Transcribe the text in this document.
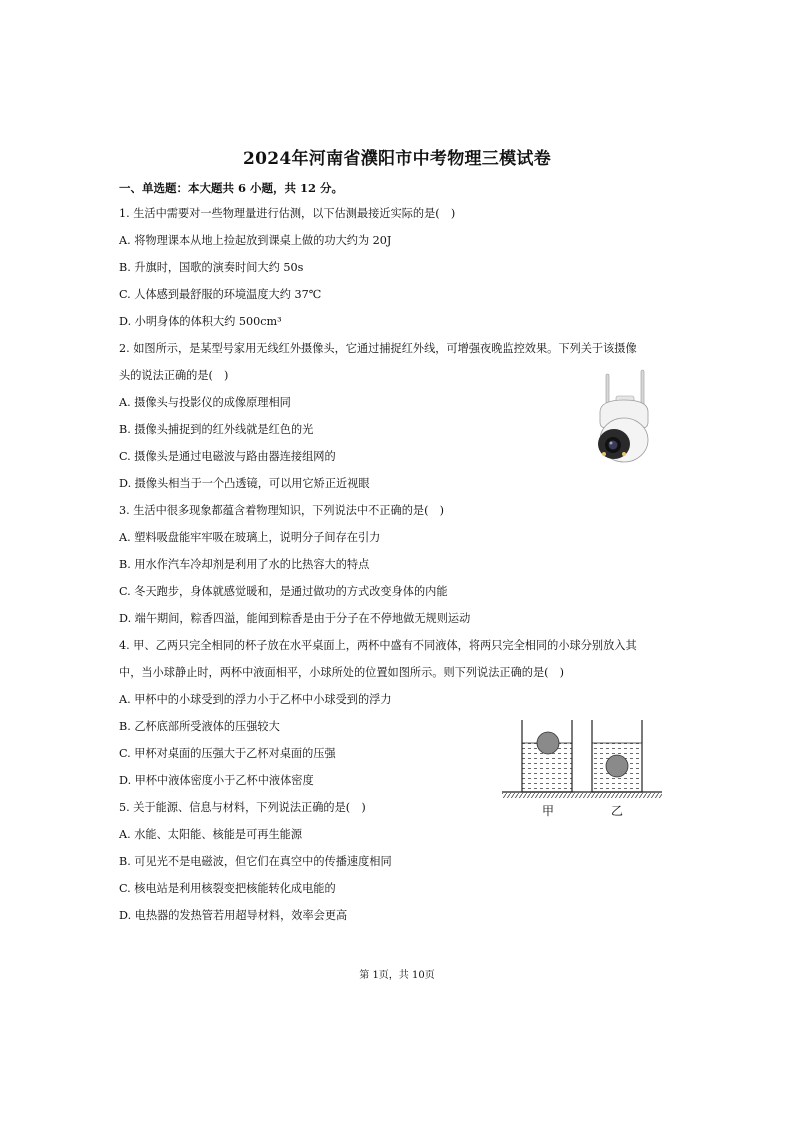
2024年河南省濮阳市中考物理三模试卷
一、单选题：本大题共 6 小题，共 12 分。
1. 生活中需要对一些物理量进行估测，以下估测最接近实际的是(　)
A. 将物理课本从地上捡起放到课桌上做的功大约为 20J
B. 升旗时，国歌的演奏时间大约 50s
C. 人体感到最舒服的环境温度大约 37℃
D. 小明身体的体积大约 500cm³
2. 如图所示，是某型号家用无线红外摄像头，它通过捕捉红外线，可增强夜晚监控效果。下列关于该摄像
头的说法正确的是(　)
A. 摄像头与投影仪的成像原理相同
B. 摄像头捕捉到的红外线就是红色的光
C. 摄像头是通过电磁波与路由器连接组网的
D. 摄像头相当于一个凸透镜，可以用它矫正近视眼
3. 生活中很多现象都蕴含着物理知识，下列说法中不正确的是(　)
A. 塑料吸盘能牢牢吸在玻璃上，说明分子间存在引力
B. 用水作汽车冷却剂是利用了水的比热容大的特点
C. 冬天跑步，身体就感觉暖和，是通过做功的方式改变身体的内能
D. 端午期间，粽香四溢，能闻到粽香是由于分子在不停地做无规则运动
4. 甲、乙两只完全相同的杯子放在水平桌面上，两杯中盛有不同液体，将两只完全相同的小球分别放入其
中，当小球静止时，两杯中液面相平，小球所处的位置如图所示。则下列说法正确的是(　)
A. 甲杯中的小球受到的浮力小于乙杯中小球受到的浮力
B. 乙杯底部所受液体的压强较大
C. 甲杯对桌面的压强大于乙杯对桌面的压强
D. 甲杯中液体密度小于乙杯中液体密度
5. 关于能源、信息与材料，下列说法正确的是(　)
A. 水能、太阳能、核能是可再生能源
B. 可见光不是电磁波，但它们在真空中的传播速度相同
C. 核电站是利用核裂变把核能转化成电能的
D. 电热器的发热管若用超导材料，效率会更高
甲	乙
第 1页，共 10页
